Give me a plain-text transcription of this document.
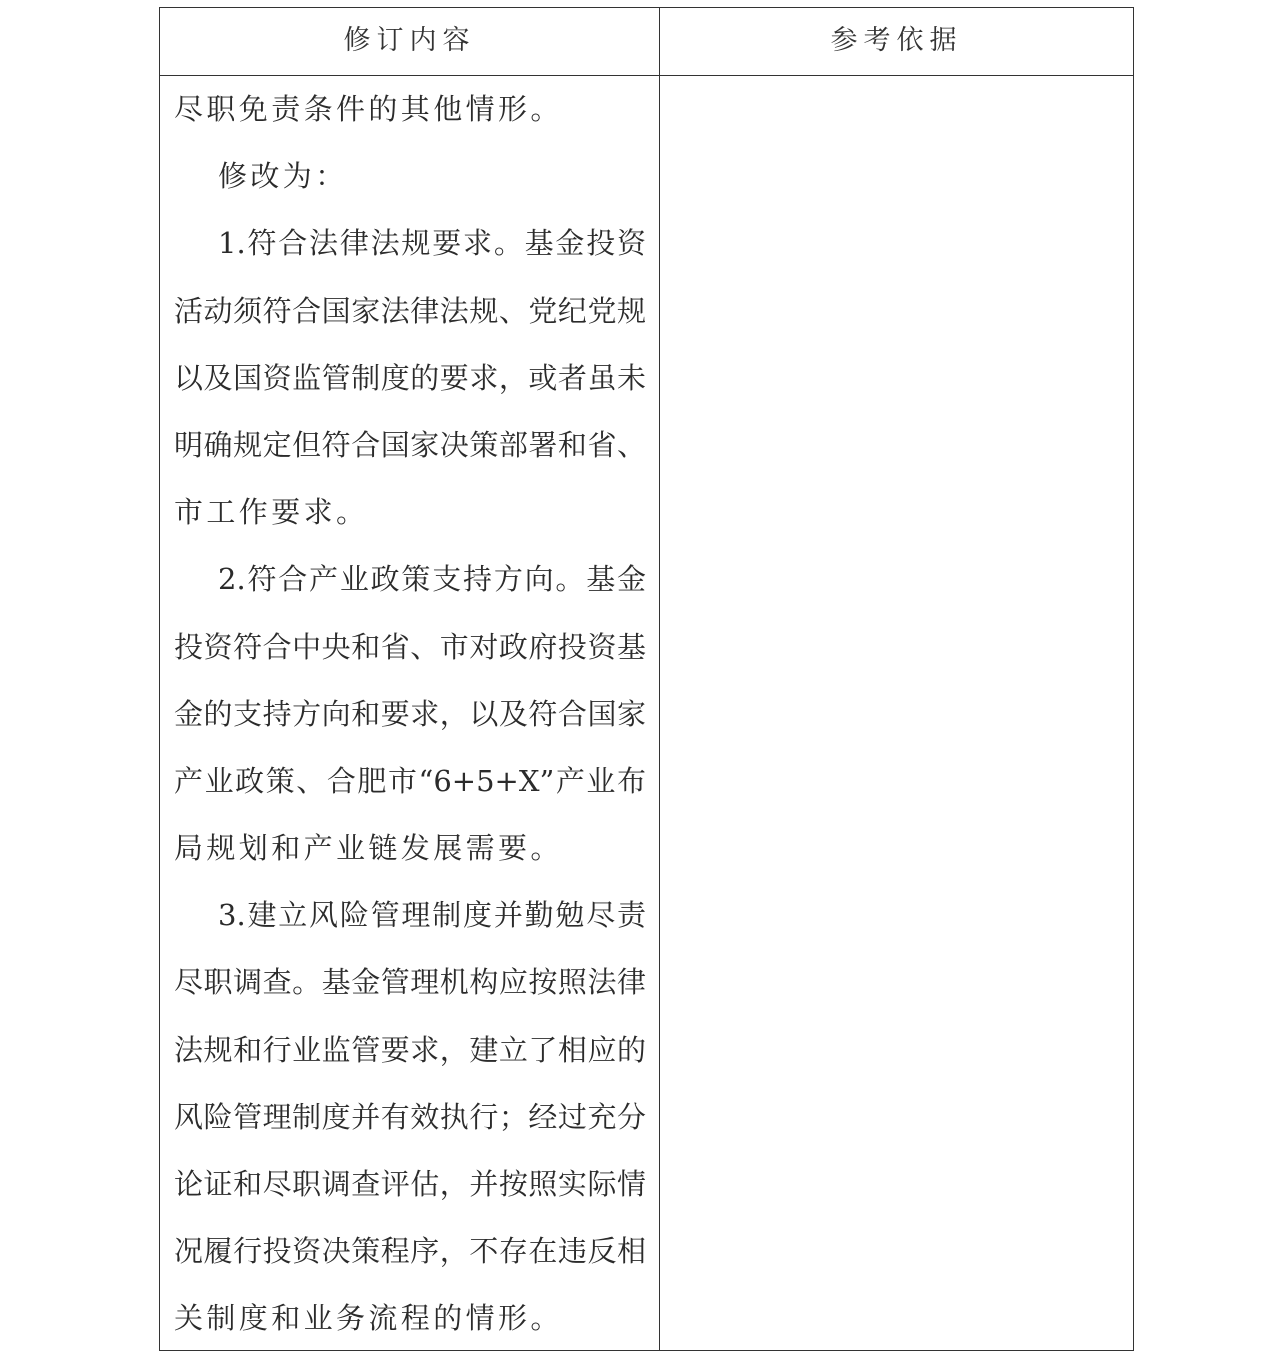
修订内容	参考依据
尽职免责条件的其他情形。
修改为：
1.符合法律法规要求。基金投资
活动须符合国家法律法规、党纪党规
以及国资监管制度的要求，或者虽未
明确规定但符合国家决策部署和省、
市工作要求。
2.符合产业政策支持方向。基金
投资符合中央和省、市对政府投资基
金的支持方向和要求，以及符合国家
产业政策、合肥市“6+5+X”产业布
局规划和产业链发展需要。
3.建立风险管理制度并勤勉尽责
尽职调查。基金管理机构应按照法律
法规和行业监管要求，建立了相应的
风险管理制度并有效执行；经过充分
论证和尽职调查评估，并按照实际情
况履行投资决策程序，不存在违反相
关制度和业务流程的情形。
